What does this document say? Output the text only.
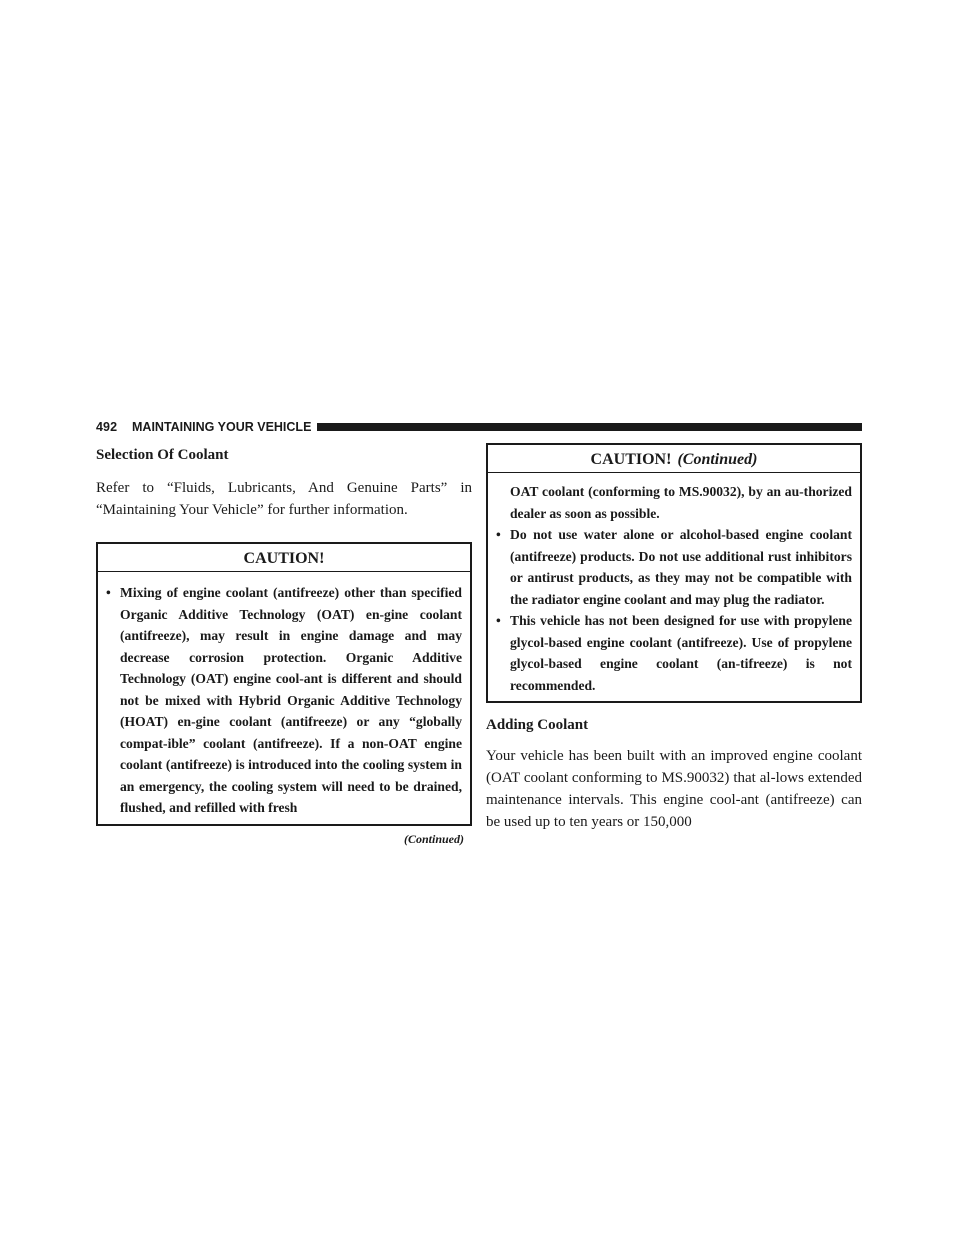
492 MAINTAINING YOUR VEHICLE
Selection Of Coolant

Refer to “Fluids, Lubricants, And Genuine Parts” in “Maintaining Your Vehicle” for further information.

CAUTION!
• Mixing of engine coolant (antifreeze) other than specified Organic Additive Technology (OAT) en-gine coolant (antifreeze), may result in engine damage and may decrease corrosion protection. Organic Additive Technology (OAT) engine cool-ant is different and should not be mixed with Hybrid Organic Additive Technology (HOAT) en-gine coolant (antifreeze) or any “globally compat-ible” coolant (antifreeze). If a non-OAT engine coolant (antifreeze) is introduced into the cooling system in an emergency, the cooling system will need to be drained, flushed, and refilled with fresh
(Continued)
CAUTION! (Continued)
OAT coolant (conforming to MS.90032), by an au-thorized dealer as soon as possible.
• Do not use water alone or alcohol-based engine coolant (antifreeze) products. Do not use additional rust inhibitors or antirust products, as they may not be compatible with the radiator engine coolant and may plug the radiator.
• This vehicle has not been designed for use with propylene glycol-based engine coolant (antifreeze). Use of propylene glycol-based engine coolant (an-tifreeze) is not recommended.
Adding Coolant

Your vehicle has been built with an improved engine coolant (OAT coolant conforming to MS.90032) that al-lows extended maintenance intervals. This engine cool-ant (antifreeze) can be used up to ten years or 150,000
